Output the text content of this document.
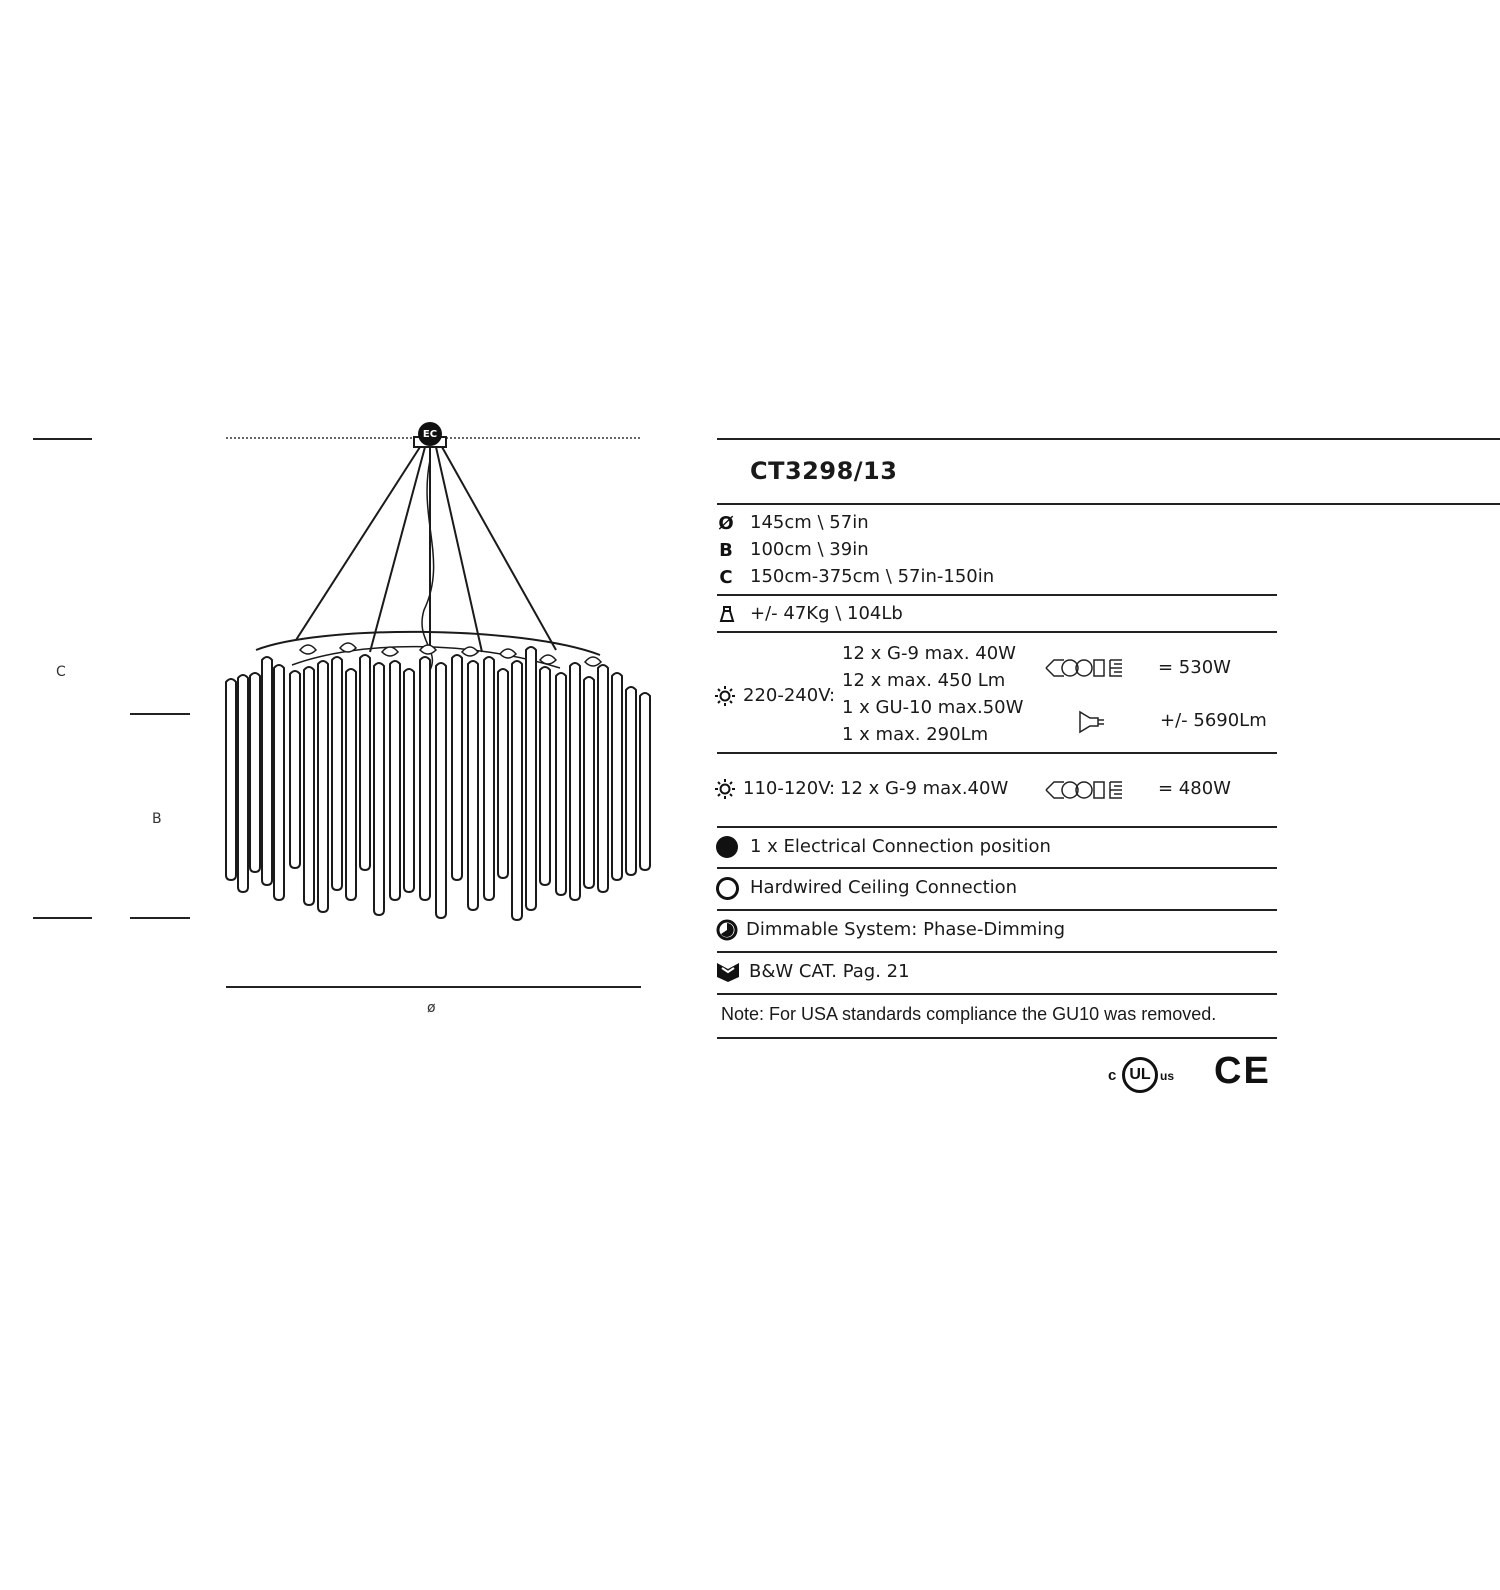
C
B
ø
EC
CT3298/13
Ø 145cm \ 57in
B 100cm \ 39in
C 150cm-375cm \ 57in-150in
+/- 47Kg \ 104Lb
220-240V:
12 x G-9 max. 40W
12 x max. 450 Lm
1 x GU-10 max.50W
1 x max. 290Lm
= 530W
+/- 5690Lm
110-120V: 12 x G-9 max.40W	= 480W
1 x Electrical Connection position
Hardwired Ceiling Connection
Dimmable System: Phase-Dimming
B&W CAT. Pag. 21
Note: For USA standards compliance the GU10 was removed.
c UL us CE
